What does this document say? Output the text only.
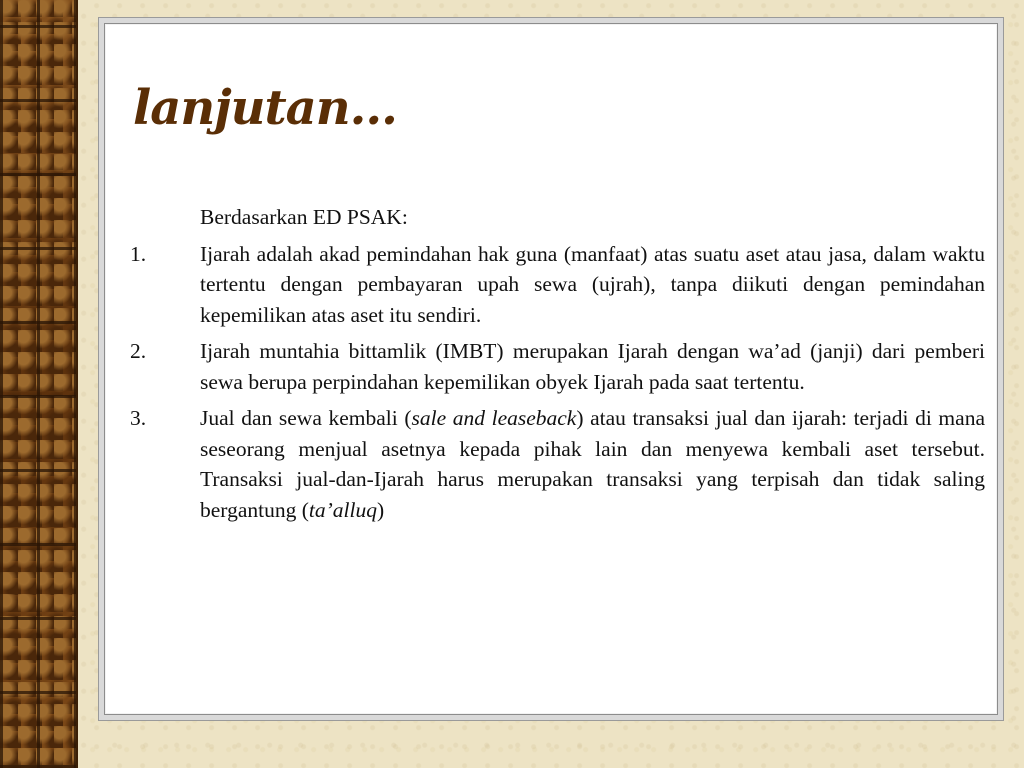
lanjutan...
Berdasarkan ED PSAK:
1.	Ijarah adalah akad pemindahan hak guna (manfaat) atas suatu aset atau jasa, dalam waktu tertentu dengan pembayaran upah sewa (ujrah), tanpa diikuti dengan pemindahan kepemilikan atas aset itu sendiri.
2.	Ijarah muntahia bittamlik (IMBT) merupakan Ijarah dengan wa’ad (janji) dari pemberi sewa berupa perpindahan kepemilikan obyek Ijarah pada saat tertentu.
3.	Jual dan sewa kembali (sale and leaseback) atau transaksi jual dan ijarah: terjadi di mana seseorang menjual asetnya kepada pihak lain dan menyewa kembali aset tersebut. Transaksi jual-dan-Ijarah harus merupakan transaksi yang terpisah dan tidak saling bergantung (ta’alluq)
